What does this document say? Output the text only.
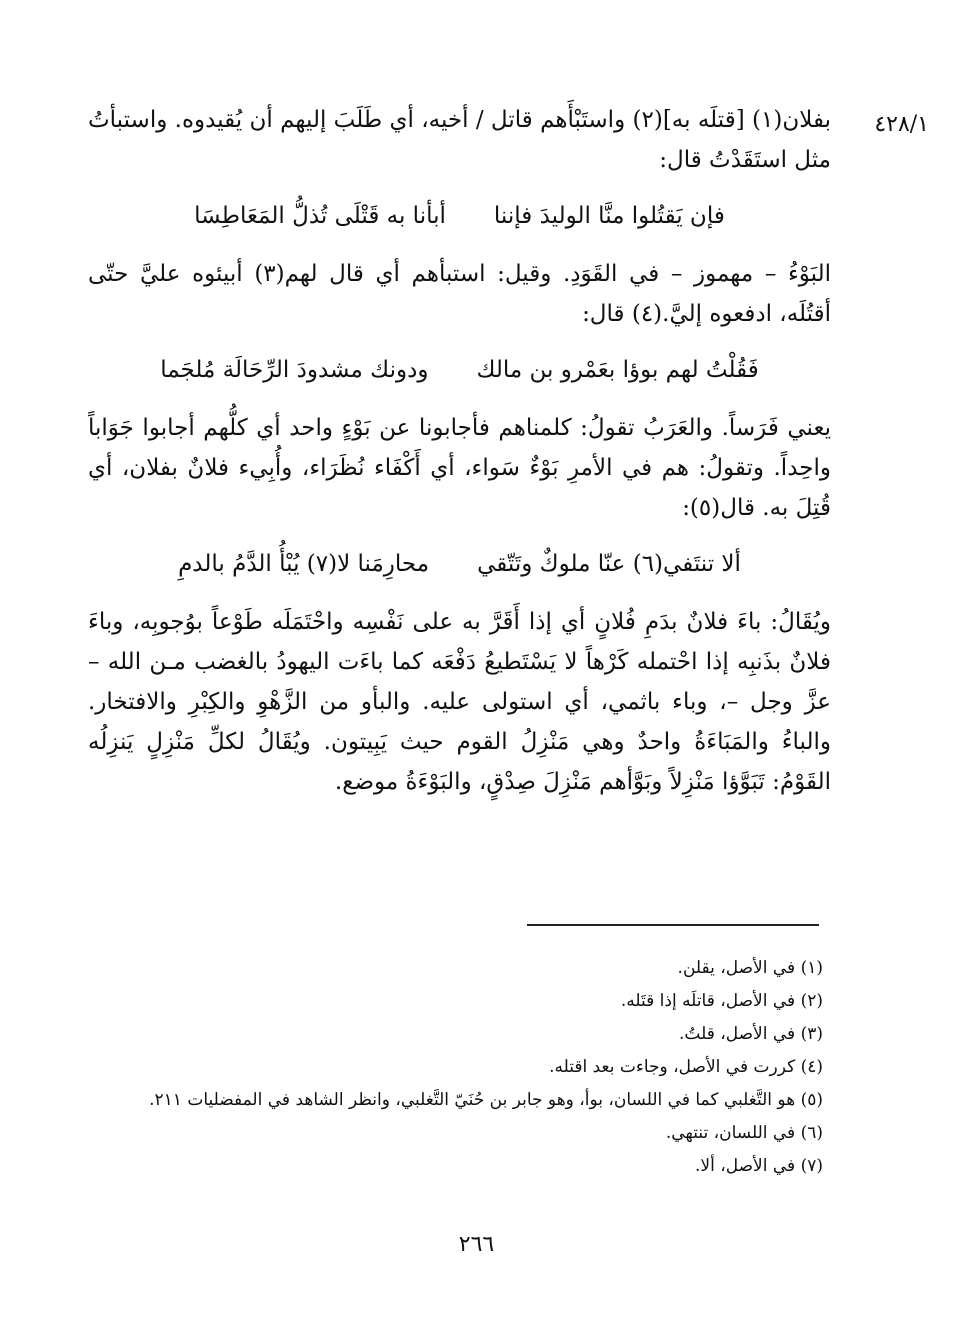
٤٢٨/١

بفلان(١) [قتلَه به](٢) واستَبْأَهم قاتل / أخيه، أي طَلَبَ إليهم أن يُقيدوه. واستبأتُ مثل استَقَدْتُ قال:

فإن يَقتُلوا منَّا الوليدَ فإننا
أبأنا به قَتْلَى تُذلُّ المَعَاطِسَا

البَوْءُ – مهموز – في القَوَدِ. وقيل: استبأهم أي قال لهم(٣) أبيئوه عليَّ حتّى أقتُلَه، ادفعوه إليَّ.(٤) قال:

فَقُلْتُ لهم بوؤا بعَمْرو بن مالك
ودونك مشدودَ الرِّحَالَة مُلجَما

يعني فَرَساً. والعَرَبُ تقولُ: كلمناهم فأجابونا عن بَوْءٍ واحد أي كلُّهم أجابوا جَوَاباً واحِداً. وتقولُ: هم في الأمرِ بَوْءٌ سَواء، أي أَكْفَاء نُظَرَاء، وأُبِيء فلانٌ بفلان، أي قُتِلَ به. قال(٥):

ألا تنتَفي(٦) عنّا ملوكٌ وتَتّقي
محارِمَنا لا(٧) يُبْأُ الدَّمُ بالدمِ

ويُقَالُ: باءَ فلانٌ بدَمِ فُلانٍ أي إذا أَقَرَّ به على نَفْسِه واحْتَمَلَه طَوْعاً بوُجوبِه، وباءَ فلانٌ بذَنبِه إذا احْتمله كَرْهاً لا يَسْتَطيعُ دَفْعَه كما باءَت اليهودُ بالغضب مـن الله – عزَّ وجل –، وباء باثمي، أي استولى عليه. والبأو من الزَّهْوِ والكِبْرِ والافتخار. والباءُ والمَبَاءَةُ واحدٌ وهي مَنْزِلُ القوم حيث يَبِيتون. ويُقَالُ لكلِّ مَنْزِلٍ يَنزِلُه القَوْمُ: تَبَوَّؤا مَنْزِلاً وبَوَّأهم مَنْزِلَ صِدْقٍ، والبَوْءَةُ موضع.

(١) في الأصل، يقلن.

(٢) في الأصل، قاتلَه إذا قتَله.

(٣) في الأصل، قلتُ.

(٤) كررت في الأصل، وجاءت بعد اقتله.

(٥) هو التَّغلبي كما في اللسان، بوأ، وهو جابر بن حُنَيّ التَّغلبي، وانظر الشاهد في المفضليات ٢١١.

(٦) في اللسان، تنتهي.

(٧) في الأصل، ألا.

٢٦٦
